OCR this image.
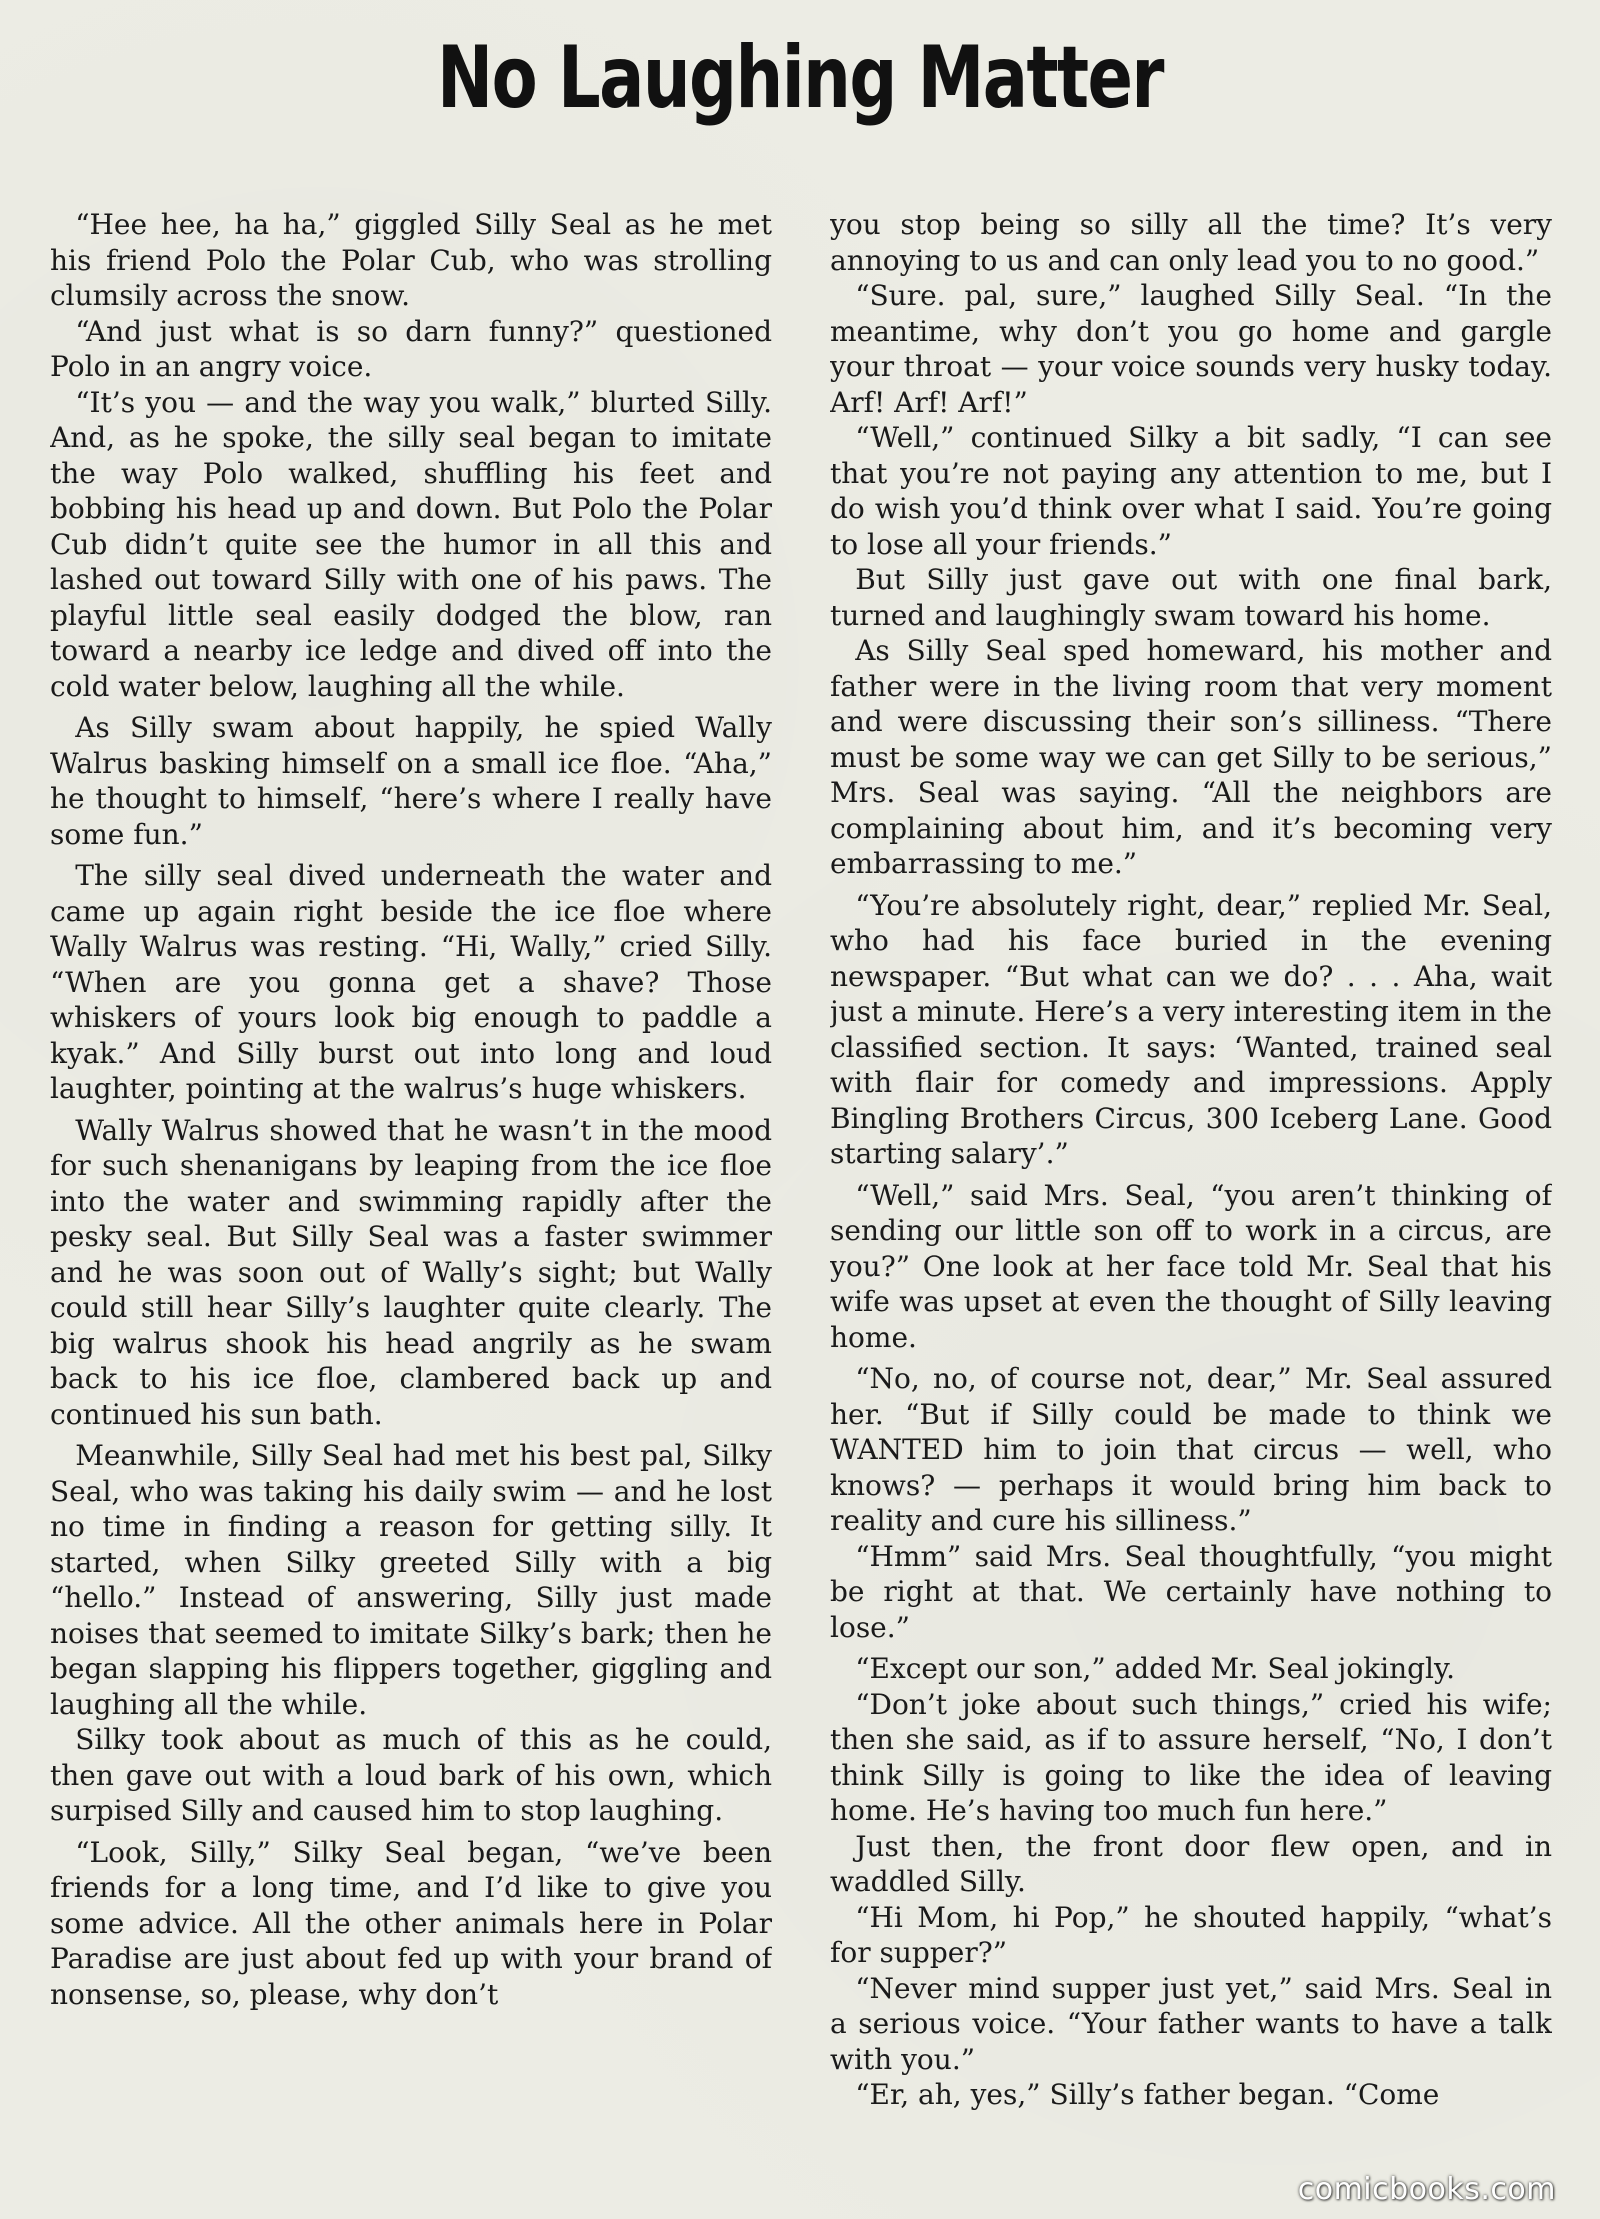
No Laughing Matter

“Hee hee, ha ha,” giggled Silly Seal as he met his friend Polo the Polar Cub, who was strolling clumsily across the snow.

“And just what is so darn funny?” questioned Polo in an angry voice.

“It’s you — and the way you walk,” blurted Silly. And, as he spoke, the silly seal began to imitate the way Polo walked, shuffling his feet and bobbing his head up and down. But Polo the Polar Cub didn’t quite see the humor in all this and lashed out toward Silly with one of his paws. The playful little seal easily dodged the blow, ran toward a nearby ice ledge and dived off into the cold water below, laughing all the while.

As Silly swam about happily, he spied Wally Walrus basking himself on a small ice floe. “Aha,” he thought to himself, “here’s where I really have some fun.”

The silly seal dived underneath the water and came up again right beside the ice floe where Wally Walrus was resting. “Hi, Wally,” cried Silly. “When are you gonna get a shave? Those whiskers of yours look big enough to paddle a kyak.” And Silly burst out into long and loud laughter, pointing at the walrus’s huge whiskers.

Wally Walrus showed that he wasn’t in the mood for such shenanigans by leaping from the ice floe into the water and swimming rapidly after the pesky seal. But Silly Seal was a faster swimmer and he was soon out of Wally’s sight; but Wally could still hear Silly’s laughter quite clearly. The big walrus shook his head angrily as he swam back to his ice floe, clambered back up and continued his sun bath.

Meanwhile, Silly Seal had met his best pal, Silky Seal, who was taking his daily swim — and he lost no time in finding a reason for getting silly. It started, when Silky greeted Silly with a big “hello.” Instead of answering, Silly just made noises that seemed to imitate Silky’s bark; then he began slapping his flippers together, giggling and laughing all the while.

Silky took about as much of this as he could, then gave out with a loud bark of his own, which surpised Silly and caused him to stop laughing.

“Look, Silly,” Silky Seal began, “we’ve been friends for a long time, and I’d like to give you some advice. All the other animals here in Polar Paradise are just about fed up with your brand of nonsense, so, please, why don’t

you stop being so silly all the time? It’s very annoying to us and can only lead you to no good.”

“Sure. pal, sure,” laughed Silly Seal. “In the meantime, why don’t you go home and gargle your throat — your voice sounds very husky today. Arf! Arf! Arf!”

“Well,” continued Silky a bit sadly, “I can see that you’re not paying any attention to me, but I do wish you’d think over what I said. You’re going to lose all your friends.”

But Silly just gave out with one final bark, turned and laughingly swam toward his home.

As Silly Seal sped homeward, his mother and father were in the living room that very moment and were discussing their son’s silliness. “There must be some way we can get Silly to be serious,” Mrs. Seal was saying. “All the neighbors are complaining about him, and it’s becoming very embarrassing to me.”

“You’re absolutely right, dear,” replied Mr. Seal, who had his face buried in the evening newspaper. “But what can we do? . . . Aha, wait just a minute. Here’s a very interesting item in the classified section. It says: ‘Wanted, trained seal with flair for comedy and impressions. Apply Bingling Brothers Circus, 300 Iceberg Lane. Good starting salary’.”

“Well,” said Mrs. Seal, “you aren’t thinking of sending our little son off to work in a circus, are you?” One look at her face told Mr. Seal that his wife was upset at even the thought of Silly leaving home.

“No, no, of course not, dear,” Mr. Seal assured her. “But if Silly could be made to think we WANTED him to join that circus — well, who knows? — perhaps it would bring him back to reality and cure his silliness.”

“Hmm” said Mrs. Seal thoughtfully, “you might be right at that. We certainly have nothing to lose.”

“Except our son,” added Mr. Seal jokingly.

“Don’t joke about such things,” cried his wife; then she said, as if to assure herself, “No, I don’t think Silly is going to like the idea of leaving home. He’s having too much fun here.”

Just then, the front door flew open, and in waddled Silly.

“Hi Mom, hi Pop,” he shouted happily, “what’s for supper?”

“Never mind supper just yet,” said Mrs. Seal in a serious voice. “Your father wants to have a talk with you.”

“Er, ah, yes,” Silly’s father began. “Come

comicbooks.com
